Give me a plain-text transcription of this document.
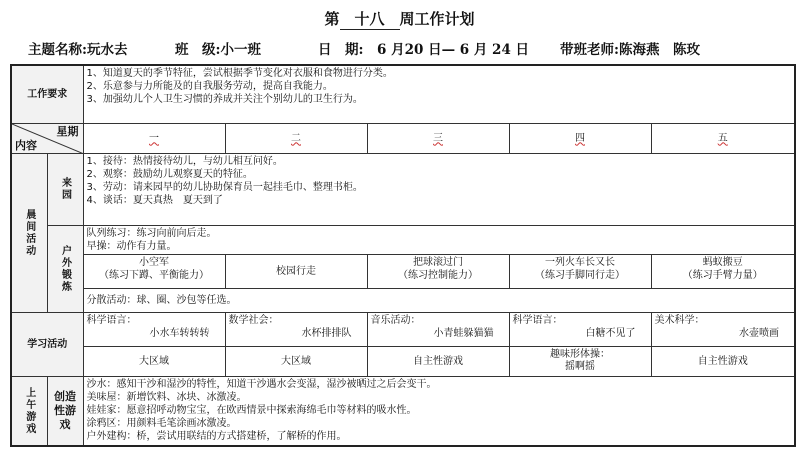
第 十八 周工作计划
主题名称:玩水去	班　级:小一班	日　期:　 6 月20 日— 6 月 24 日 带班老师:陈海燕　陈玫
工作要求		1、知道夏天的季节特征，尝试根据季节变化对衣服和食物进行分类。
2、乐意参与力所能及的自我服务劳动，提高自我能力。
3、加强幼儿个人卫生习惯的养成并关注个别幼儿的卫生行为。				

星期
内容		一	二	三	四	五

晨间活动	来园	1、接待：热情接待幼儿，与幼儿相互问好。
2、观察：鼓励幼儿观察夏天的特征。
3、劳动：请来园早的幼儿协助保育员一起挂毛巾、整理书柜。
4、谈话：夏天真热　夏天到了				

	户外锻炼	队列练习：练习向前向后走。
早操：动作有力量。				

		小空军
（练习下蹲、平衡能力）	校园行走	把球滚过门
（练习控制能力）	一列火车长又长
（练习手脚同行走）	蚂蚁搬豆
（练习手臂力量）

		分散活动：球、圈、沙包等任选。				
学习活动		科学语言：
小水车转转转	数学社会：
水杯排排队	音乐活动：
小青蛙躲猫猫	科学语言：
白糖不见了	美术科学：
水壶喷画

		大区域	大区域	自主性游戏	趣味形体操：
摇啊摇	自主性游戏

上午游戏	创造性游戏	沙水：感知干沙和湿沙的特性，知道干沙遇水会变湿，湿沙被晒过之后会变干。
美味屋：新增饮料、冰块、冰激凌。
娃娃家：愿意招呼动物宝宝，在欧西情景中探索海绵毛巾等材料的吸水性。
涂鸦区：用颜料毛笔涂画冰激凌。
户外建构：桥，尝试用联结的方式搭建桥，了解桥的作用。				
